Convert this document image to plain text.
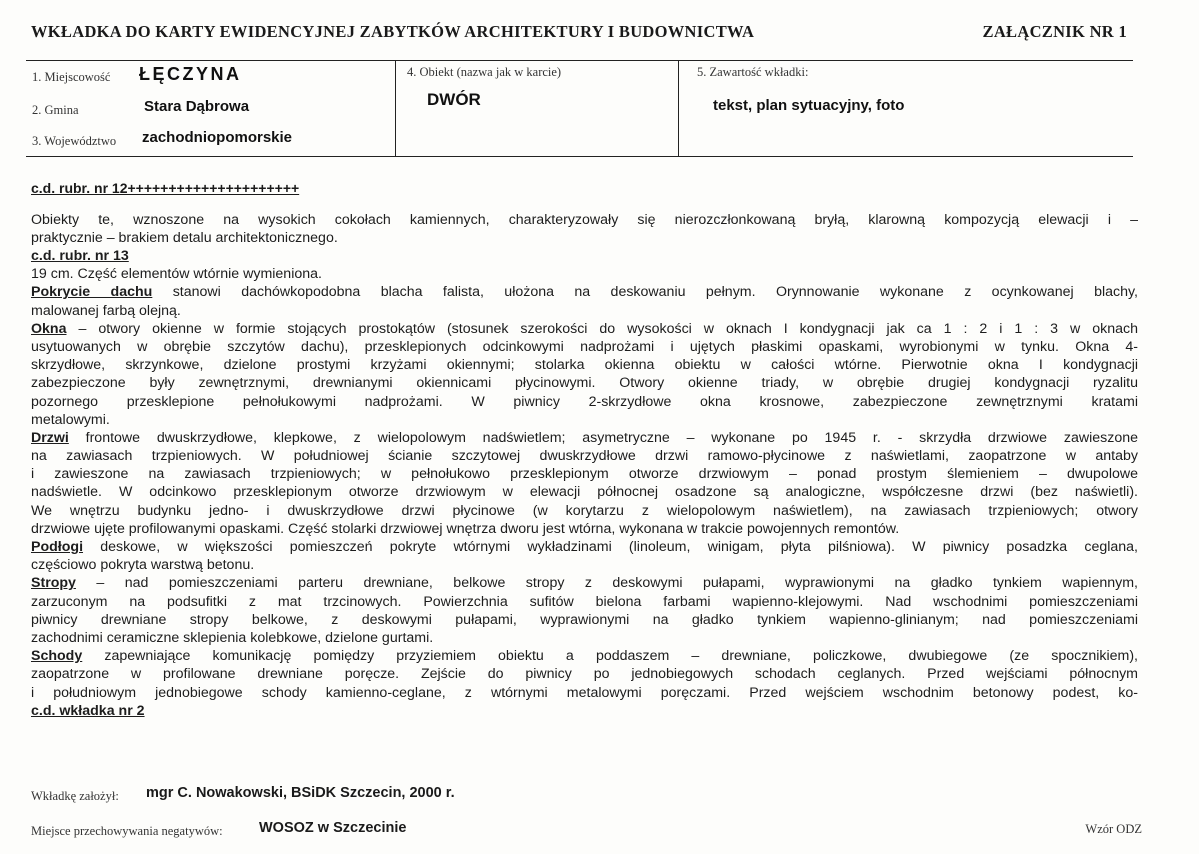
WKŁADKA DO KARTY EWIDENCYJNEJ ZABYTKÓW ARCHITEKTURY I BUDOWNICTWA	ZAŁĄCZNIK NR 1
1. Miejscowość ŁĘCZYNA
2. Gmina	Stara Dąbrowa
3. Województwo zachodniopomorskie
4. Obiekt (nazwa jak w karcie)
DWÓR
5. Zawartość wkładki:
tekst, plan sytuacyjny, foto
c.d. rubr. nr 12+++++++++++++++++++++
Obiekty te, wznoszone na wysokich cokołach kamiennych, charakteryzowały się nierozczłonkowaną bryłą, klarowną kompozycją elewacji i –
praktycznie – brakiem detalu architektonicznego.
c.d. rubr. nr 13
19 cm. Część elementów wtórnie wymieniona.
Pokrycie dachu stanowi dachówkopodobna blacha falista, ułożona na deskowaniu pełnym. Orynnowanie wykonane z ocynkowanej blachy,
malowanej farbą olejną.
Okna – otwory okienne w formie stojących prostokątów (stosunek szerokości do wysokości w oknach I kondygnacji jak ca 1 : 2 i 1 : 3 w oknach
usytuowanych w obrębie szczytów dachu), przesklepionych odcinkowymi nadprożami i ujętych płaskimi opaskami, wyrobionymi w tynku. Okna 4-
skrzydłowe, skrzynkowe, dzielone prostymi krzyżami okiennymi; stolarka okienna obiektu w całości wtórne. Pierwotnie okna I kondygnacji
zabezpieczone były zewnętrznymi, drewnianymi okiennicami płycinowymi. Otwory okienne triady, w obrębie drugiej kondygnacji ryzalitu
pozornego przesklepione pełnołukowymi nadprożami. W piwnicy 2-skrzydłowe okna krosnowe, zabezpieczone zewnętrznymi kratami
metalowymi.
Drzwi frontowe dwuskrzydłowe, klepkowe, z wielopolowym nadświetlem; asymetryczne – wykonane po 1945 r. - skrzydła drzwiowe zawieszone
na zawiasach trzpieniowych. W południowej ścianie szczytowej dwuskrzydłowe drzwi ramowo-płycinowe z naświetlami, zaopatrzone w antaby
i zawieszone na zawiasach trzpieniowych; w pełnołukowo przesklepionym otworze drzwiowym – ponad prostym ślemieniem – dwupolowe
nadświetle. W odcinkowo przesklepionym otworze drzwiowym w elewacji północnej osadzone są analogiczne, współczesne drzwi (bez naświetli).
We wnętrzu budynku jedno- i dwuskrzydłowe drzwi płycinowe (w korytarzu z wielopolowym naświetlem), na zawiasach trzpieniowych; otwory
drzwiowe ujęte profilowanymi opaskami. Część stolarki drzwiowej wnętrza dworu jest wtórna, wykonana w trakcie powojennych remontów.
Podłogi deskowe, w większości pomieszczeń pokryte wtórnymi wykładzinami (linoleum, winigam, płyta pilśniowa). W piwnicy posadzka ceglana,
częściowo pokryta warstwą betonu.
Stropy – nad pomieszczeniami parteru drewniane, belkowe stropy z deskowymi pułapami, wyprawionymi na gładko tynkiem wapiennym,
zarzuconym na podsufitki z mat trzcinowych. Powierzchnia sufitów bielona farbami wapienno-klejowymi. Nad wschodnimi pomieszczeniami
piwnicy drewniane stropy belkowe, z deskowymi pułapami, wyprawionymi na gładko tynkiem wapienno-glinianym; nad pomieszczeniami
zachodnimi ceramiczne sklepienia kolebkowe, dzielone gurtami.
Schody zapewniające komunikację pomiędzy przyziemiem obiektu a poddaszem – drewniane, policzkowe, dwubiegowe (ze spocznikiem),
zaopatrzone w profilowane drewniane poręcze. Zejście do piwnicy po jednobiegowych schodach ceglanych. Przed wejściami północnym
i południowym jednobiegowe schody kamienno-ceglane, z wtórnymi metalowymi poręczami. Przed wejściem wschodnim betonowy podest, ko-
c.d. wkładka nr 2
Wkładkę założył: mgr C. Nowakowski, BSiDK Szczecin, 2000 r.
Miejsce przechowywania negatywów:	WOSOZ w Szczecinie	Wzór ODZ
